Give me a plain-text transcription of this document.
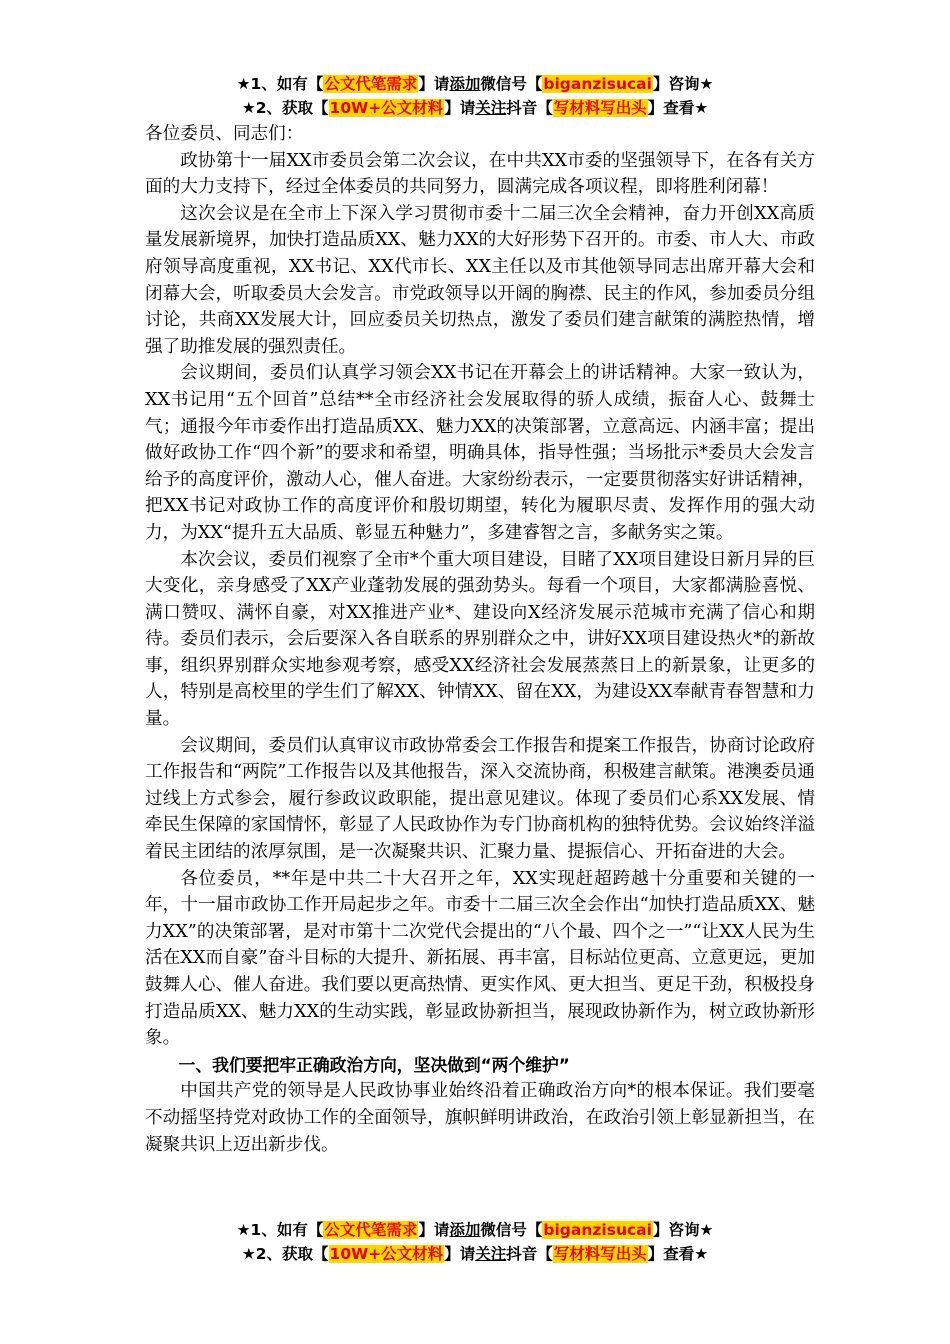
★1、如有【公文代笔需求】请添加微信号【biganzisucai】咨询★
★2、获取【10W+公文材料】请关注抖音【写材料写出头】查看★

各位委员、同志们：

政协第十一届XX市委员会第二次会议，在中共XX市委的坚强领导下，在各有关方面的大力支持下，经过全体委员的共同努力，圆满完成各项议程，即将胜利闭幕！

这次会议是在全市上下深入学习贯彻市委十二届三次全会精神，奋力开创XX高质量发展新境界，加快打造品质XX、魅力XX的大好形势下召开的。市委、市人大、市政府领导高度重视，XX书记、XX代市长、XX主任以及市其他领导同志出席开幕大会和闭幕大会，听取委员大会发言。市党政领导以开阔的胸襟、民主的作风，参加委员分组讨论，共商XX发展大计，回应委员关切热点，激发了委员们建言献策的满腔热情，增强了助推发展的强烈责任。

会议期间，委员们认真学习领会XX书记在开幕会上的讲话精神。大家一致认为，XX书记用“五个回首”总结**全市经济社会发展取得的骄人成绩，振奋人心、鼓舞士气；通报今年市委作出打造品质XX、魅力XX的决策部署，立意高远、内涵丰富；提出做好政协工作“四个新”的要求和希望，明确具体，指导性强；当场批示*委员大会发言给予的高度评价，激动人心，催人奋进。大家纷纷表示，一定要贯彻落实好讲话精神，把XX书记对政协工作的高度评价和殷切期望，转化为履职尽责、发挥作用的强大动力，为XX“提升五大品质、彰显五种魅力”，多建睿智之言，多献务实之策。

本次会议，委员们视察了全市*个重大项目建设，目睹了XX项目建设日新月异的巨大变化，亲身感受了XX产业蓬勃发展的强劲势头。每看一个项目，大家都满脸喜悦、满口赞叹、满怀自豪，对XX推进产业*、建设向X经济发展示范城市充满了信心和期待。委员们表示，会后要深入各自联系的界别群众之中，讲好XX项目建设热火*的新故事，组织界别群众实地参观考察，感受XX经济社会发展蒸蒸日上的新景象，让更多的人，特别是高校里的学生们了解XX、钟情XX、留在XX，为建设XX奉献青春智慧和力量。

会议期间，委员们认真审议市政协常委会工作报告和提案工作报告，协商讨论政府工作报告和“两院”工作报告以及其他报告，深入交流协商，积极建言献策。港澳委员通过线上方式参会，履行参政议政职能，提出意见建议。体现了委员们心系XX发展、情牵民生保障的家国情怀，彰显了人民政协作为专门协商机构的独特优势。会议始终洋溢着民主团结的浓厚氛围，是一次凝聚共识、汇聚力量、提振信心、开拓奋进的大会。

各位委员，**年是中共二十大召开之年，XX实现赶超跨越十分重要和关键的一年，十一届市政协工作开局起步之年。市委十二届三次全会作出“加快打造品质XX、魅力XX”的决策部署，是对市第十二次党代会提出的“八个最、四个之一”“让XX人民为生活在XX而自豪”奋斗目标的大提升、新拓展、再丰富，目标站位更高、立意更远，更加鼓舞人心、催人奋进。我们要以更高热情、更实作风、更大担当、更足干劲，积极投身打造品质XX、魅力XX的生动实践，彰显政协新担当，展现政协新作为，树立政协新形象。

一、我们要把牢正确政治方向，坚决做到“两个维护”

中国共产党的领导是人民政协事业始终沿着正确政治方向*的根本保证。我们要毫不动摇坚持党对政协工作的全面领导，旗帜鲜明讲政治，在政治引领上彰显新担当，在凝聚共识上迈出新步伐。

★1、如有【公文代笔需求】请添加微信号【biganzisucai】咨询★
★2、获取【10W+公文材料】请关注抖音【写材料写出头】查看★
